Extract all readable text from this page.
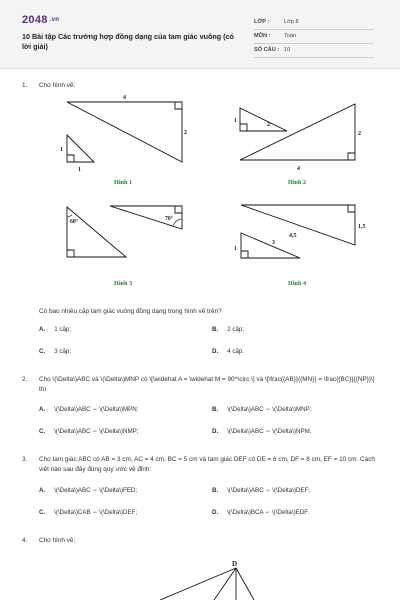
2048 .vn
10 Bài tập Các trường hợp đồng dạng của tam giác vuông (có lời giải)
LỚP :	Lớp 8
MÔN : Toán
SỐ CÂU : 10
1. Cho hình vẽ:
4
2
1
1
Hình 1
1
2
2
4
Hình 2
60°	70°
Hình 3
4,5
1,5
3
1
Hình 4
D
Có bao nhiêu cặp tam giác vuông đồng dạng trong hình vẽ trên?
A. 1 cặp;	B. 2 cặp;
C. 3 cặp;	D. 4 cặp.
2. Cho \(\Delta\)ABC và \(\Delta\)MNP có \[\widehat A = \widehat M = 90^\circ \] và \[\frac{{AB}}{{MN}} = \frac{{BC}}{{NP}}\] thì
A. \(\Delta\)ABC ∽ \(\Delta\)MPN;	B. \(\Delta\)ABC ∽ \(\Delta\)MNP;
C. \(\Delta\)ABC ∽ \(\Delta\)NMP;	D. \(\Delta\)ABC ∽ \(\Delta\)NPM.
3. Cho tam giác ABC có AB = 3 cm, AC = 4 cm, BC = 5 cm và tam giác DEF có DE = 6 cm, DF = 8 cm, EF = 10 cm. Cách viết nào sau đây đúng quy ước về đỉnh:
A. \(\Delta\)ABC ∽ \(\Delta\)FED;	B. \(\Delta\)ABC ∽ \(\Delta\)DEF;
C. \(\Delta\)CAB ∽ \(\Delta\)DEF;	D. \(\Delta\)BCA ∽ \(\Delta\)EDF.
4. Cho hình vẽ:
